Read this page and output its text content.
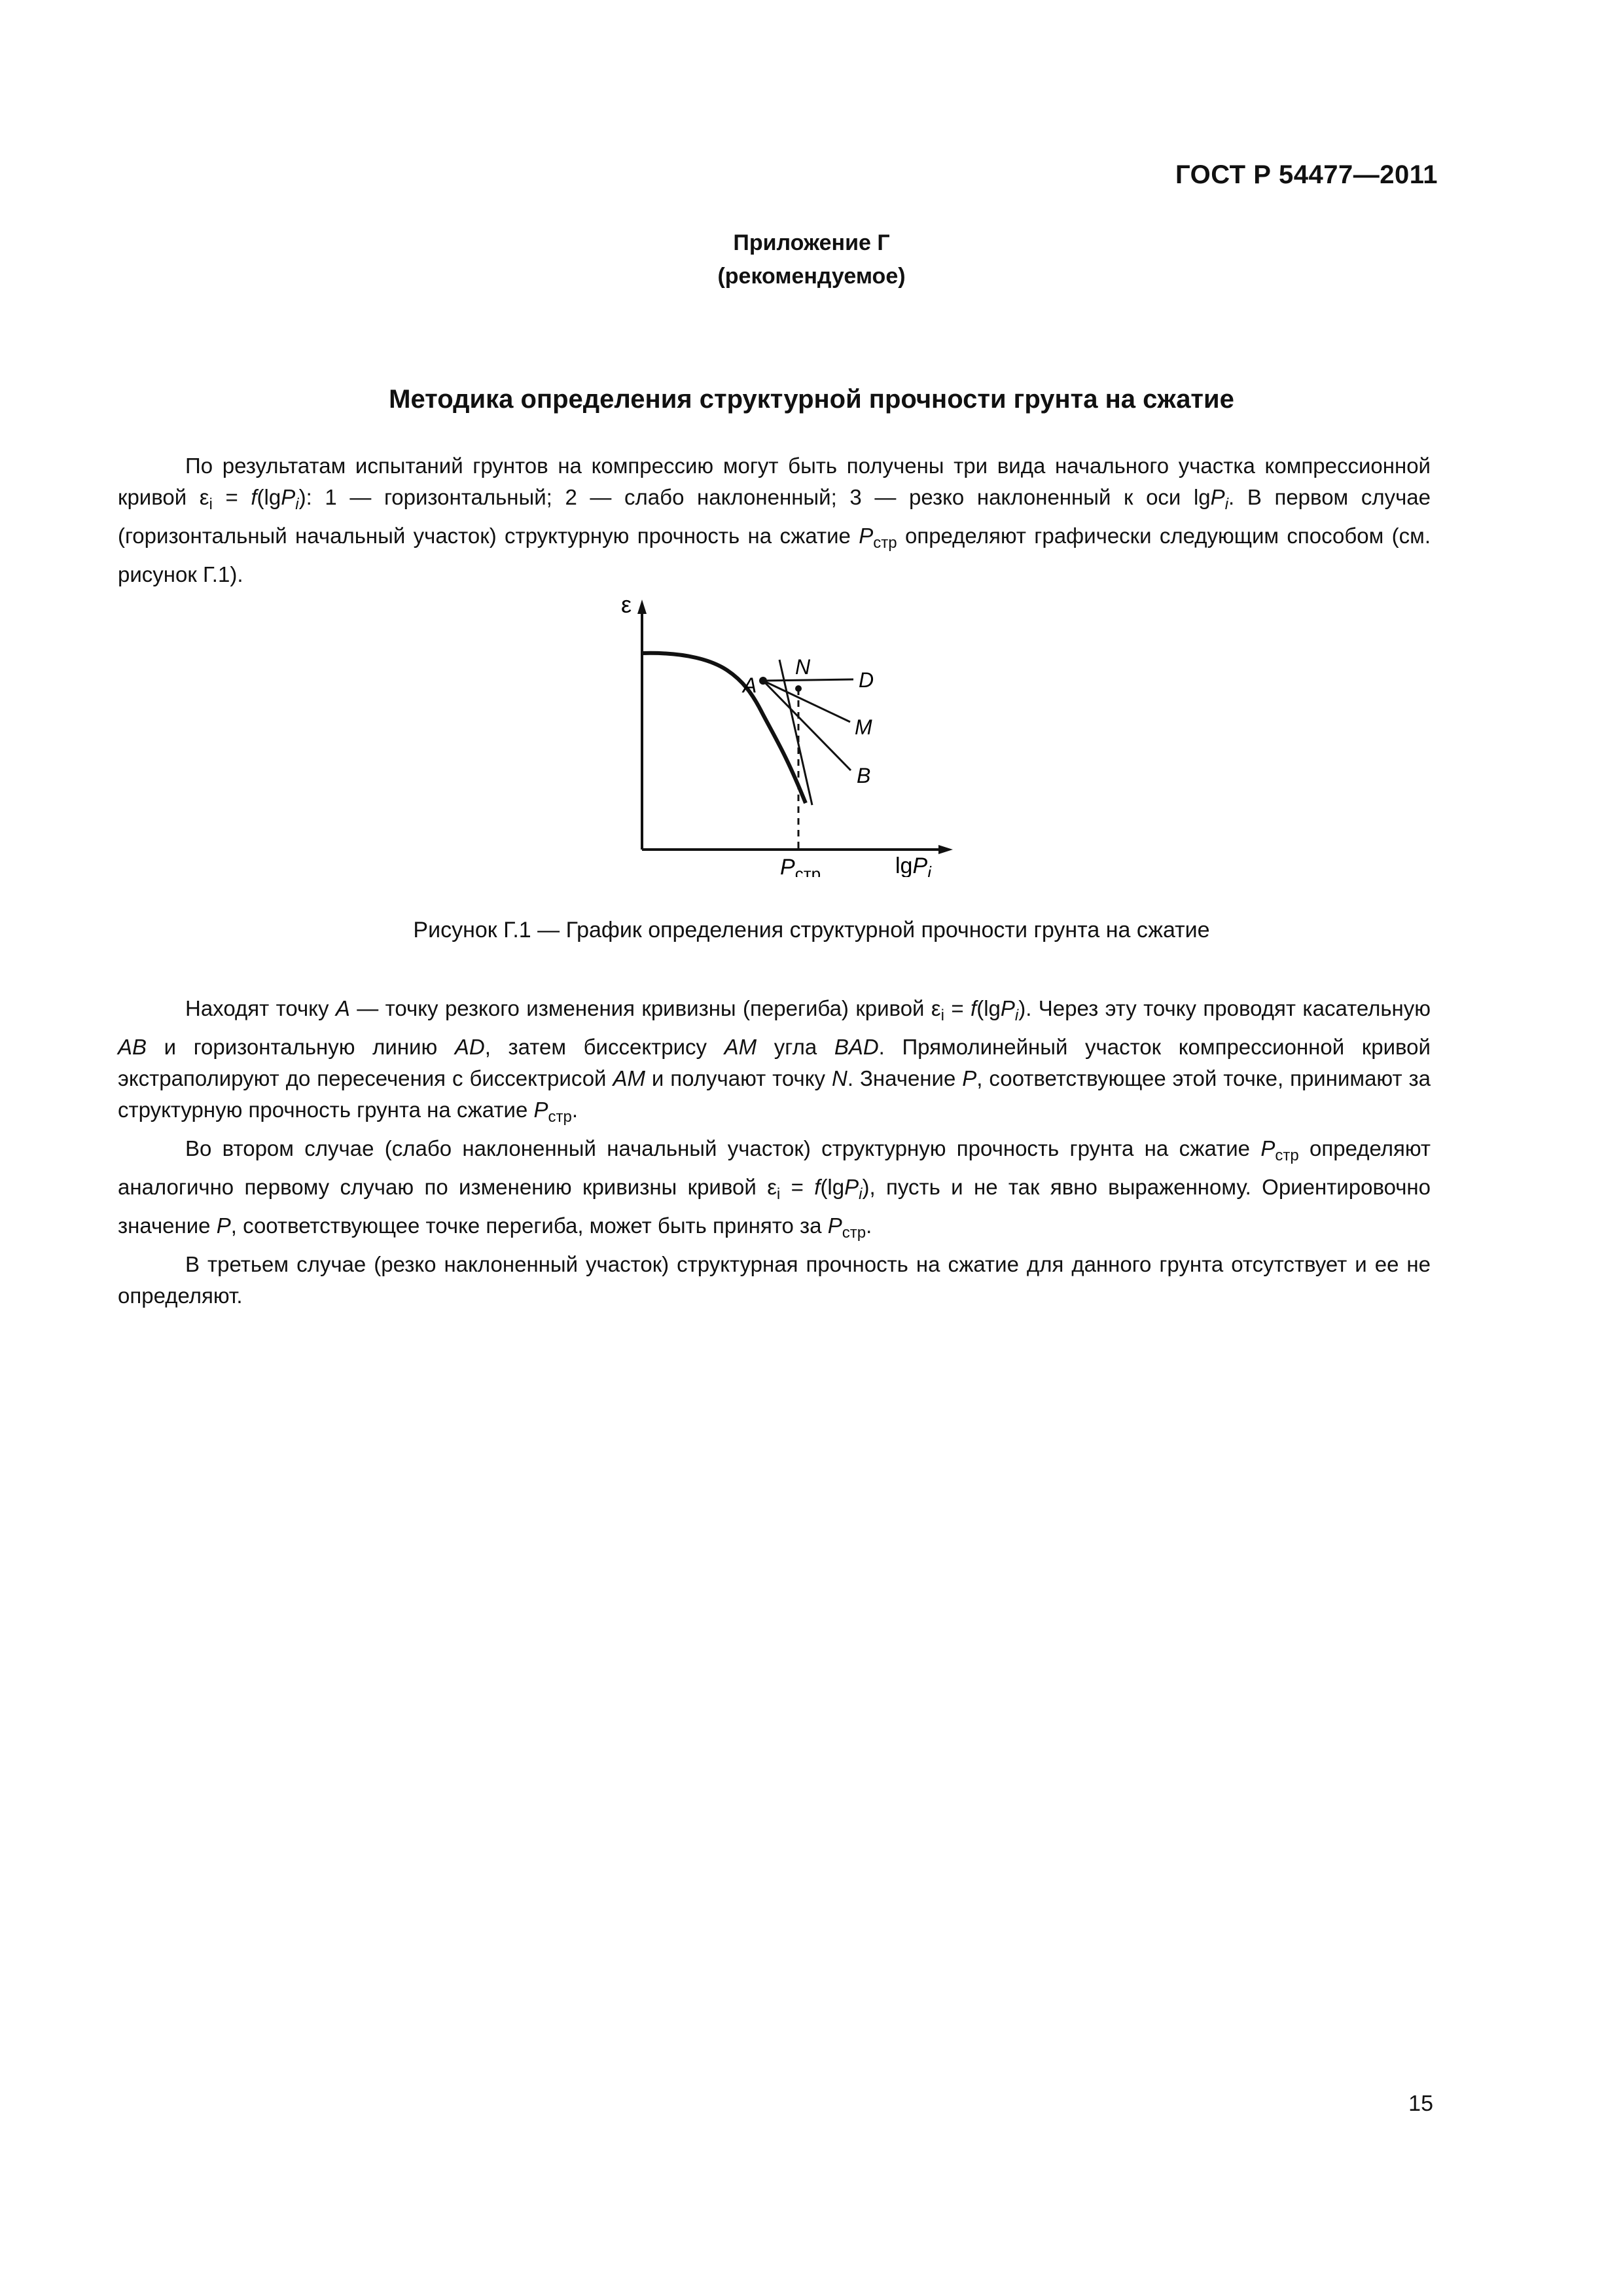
ГОСТ Р 54477—2011
Приложение Г
(рекомендуемое)
Методика определения структурной прочности грунта на сжатие

По результатам испытаний грунтов на компрессию могут быть получены три вида начального участка компрессионной кривой $\varepsilon_i = f(\lg P_i)$: 1 — горизонтальный; 2 — слабо наклоненный; 3 — резко наклоненный к оси lgP$_i$. В первом случае (горизонтальный начальный участок) структурную прочность на сжатие $P_{стр}$ определяют графически следующим способом (см. рисунок Г.1).

ε
A
N
D
M
B
$P_{стр}$	lgP$_i$
Рисунок Г.1 — График определения структурной прочности грунта на сжатие

Находят точку A — точку резкого изменения кривизны (перегиба) кривой $\varepsilon_i = f(\lg P_i)$. Через эту точку проводят касательную AB и горизонтальную линию AD, затем биссектрису AM угла BAD. Прямолинейный участок компрессионной кривой экстраполируют до пересечения с биссектрисой AM и получают точку N. Значение P, соответствующее этой точке, принимают за структурную прочность грунта на сжатие $P_{стр}$.

Во втором случае (слабо наклоненный начальный участок) структурную прочность грунта на сжатие $P_{стр}$ определяют аналогично первому случаю по изменению кривизны кривой $\varepsilon_i = f(\lg P_i)$, пусть и не так явно выраженному. Ориентировочно значение P, соответствующее точке перегиба, может быть принято за $P_{стр}$.

В третьем случае (резко наклоненный участок) структурная прочность на сжатие для данного грунта отсутствует и ее не определяют.

15
